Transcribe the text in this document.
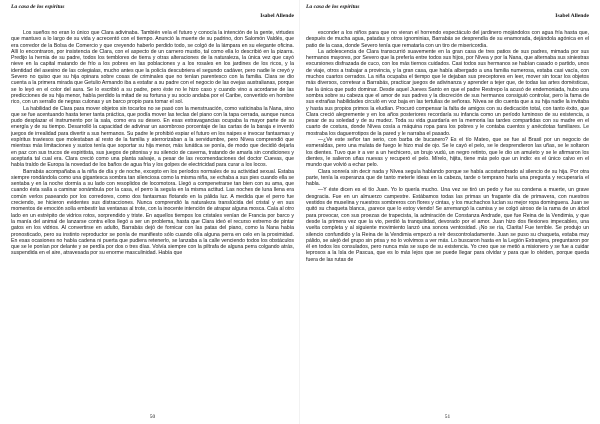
La casa de los espíritus
Isabel Allende

Los sueños no eran lo único que Clara adivinaba. También veía el futuro y conocía la intención de la gente, virtudes que mantuvo a lo largo de su vida y acrecentó con el tiempo. Anunció la muerte de su padrino, don Salomón Valdés, que era corredor de la Bolsa de Comercio y que creyendo haberlo perdido todo, se colgó de la lámpara en su elegante oficina. Allí lo encontraron, por insistencia de Clara, con el aspecto de un carnero mustio, tal como ella lo describió en la pizarra. Predijo la hernia de su padre, todos los temblores de tierra y otras alteraciones de la naturaleza, la única vez que cayó nieve en la capital matando de frío a los pobres en las poblaciones y a los rosales en los jardines de los ricos, y la identidad del asesino de las colegialas, mucho antes que la policía descubriera el segundo cadáver, pero nadie le creyó y Severo no quiso que su hija opinara sobre cosas de criminales que no tenían parentesco con la familia. Clara se dio cuenta a la primera mirada que Getulio Armando iba a estafar a su padre con el negocio de las ovejas australianas, porque se lo leyó en el color del aura. Se lo escribió a su padre, pero éste no le hizo caso y cuando vino a acordarse de las predicciones de su hija menor, había perdido la mitad de su fortuna y su socio andaba por el Caribe, convertido en hombre rico, con un serrallo de negras culonas y un barco propio para tomar el sol.

La habilidad de Clara para mover objetos sin tocarlos no se pasó con la menstruación, como vaticinaba la Nana, sino que se fue acentuando hasta tener tanta práctica, que podía mover las teclas del piano con la tapa cerrada, aunque nunca pudo desplazar el instrumento por la sala, como era su deseo. En esas extravagancias ocupaba la mayor parte de su energía y de su tiempo. Desarrolló la capacidad de adivinar un asombroso porcentaje de las cartas de la baraja e inventó juegos de irrealidad para divertir a sus hermanos. Su padre le prohibió espiar el futuro en los naipes e invocar fantasmas y espíritus traviesos que molestaban al resto de la familia y aterrorizaban a la servidumbre, pero Nívea comprendió que mientras más limitaciones y sustos tenía que soportar su hija menor, más lunática se ponía, de modo que decidió dejarla en paz con sus trucos de espiritista, sus juegos de pitonisa y su silencio de caverna, tratando de amarla sin condiciones y aceptarla tal cual era. Clara creció como una planta salvaje, a pesar de las recomendaciones del doctor Cuevas, que había traído de Europa la novedad de los baños de agua fría y los golpes de electricidad para curar a los locos.

Barrabás acompañaba a la niña de día y de noche, excepto en los períodos normales de su actividad sexual. Estaba siempre rondándola como una gigantesca sombra tan silenciosa como la misma niña, se echaba a sus pies cuando ella se sentaba y en la noche dormía a su lado con resoplidos de locomotora. Llegó a compenetrarse tan bien con su ama, que cuando ésta salía a caminar sonámbula por la casa, el perro la seguía en la misma actitud. Las noches de luna llena era común verlos paseando por los corredores, como dos fantasmas flotando en la pálida luz. A medida que el perro fue creciendo, se hicieron evidentes sus distracciones. Nunca comprendió la naturaleza translúcida del cristal y en sus momentos de emoción solía embestir las ventanas al trote, con la inocente intención de atrapar alguna mosca. Caía al otro lado en un estrépito de vidrios rotos, sorprendido y triste. En aquellos tiempos los cristales venían de Francia por barco y la manía del animal de lanzarse contra ellos llegó a ser un problema, hasta que Clara ideó el recurso extremo de pintar gatos en los vidrios. Al convertirse en adulto, Barrabás dejó de fornicar con las patas del piano, como la Nana había pronosticado, pero su instinto reproductor se ponía de manifiesto sólo cuando olía alguna perra en celo en la proximidad. En esas ocasiones no había cadena ni puerta que pudiera retenerlo, se lanzaba a la calle venciendo todos los obstáculos que se le ponían por delante y se perdía por dos o tres días. Volvía siempre con la piltrafa de alguna perra colgando atrás, suspendida en el aire, atravesada por su enorme masculinidad. Había que

50
La casa de los espíritus
Isabel Allende

esconder a los niños para que no vieran el horrendo espectáculo del jardinero mojándolos con agua fría hasta que, después de mucha agua, patadas y otros ignominias, Barrabás se desprendía de su enamorada, dejándola agónica en el patio de la casa, donde Severo tenía que rematarla con un tiro de misericordia.

La adolescencia de Clara transcurrió suavemente en la gran casa de tres patios de sus padres, mimada por sus hermanos mayores, por Severo que la prefería entre todos sus hijos, por Nívea y por la Nana, que alternaba sus siniestras excursiones disfrazada de cuco, con los más tiernos cuidados. Casi todos sus hermanos se habían casado o partido, unos de viaje, otros a trabajar a provincia, y la gran casa, que había albergado a una familia numerosa, estaba casi vacía, con muchos cuartos cerrados. La niña ocupaba el tiempo que le dejaban sus preceptores en leer, mover sin tocar los objetos más diversos, corretear a Barrabás, practicar juegos de adivinanza y aprender a tejer que, de todas las artes domésticas, fue la única que pudo dominar. Desde aquel Jueves Santo en que el padre Restrepo la acusó de endemoniada, hubo una sombra sobre su cabeza que el amor de sus padres y la discreción de sus hermanos consiguió controlar, pero la fama de sus extrañas habilidades circuló en voz baja en las tertulias de señoras. Nívea se dio cuenta que a su hija nadie la invitaba y hasta sus propios primos la eludían. Procuró compensar la falta de amigos con su dedicación total, con tanto éxito, que Clara creció alegremente y en los años posteriores recordaría su infancia como un período luminoso de su existencia, a pesar de su soledad y de su mudez. Toda su vida guardaría en la memoria las tardes compartidas con su madre en el cuarto de costura, donde Nívea cosía a máquina ropa para los pobres y le contaba cuentos y anécdotas familiares. Le mostraba los daguerrotipos de la pared y le narraba el pasado.

—¿Ve este señor tan serio, con barba de bucanero? Es el tío Mateo, que se fue al Brasil por un negocio de esmeraldas, pero una mulata de fuego le hizo mal de ojo. Se le cayó el pelo, se le desprendieron las uñas, se le soltaron los dientes. Tuvo que ir a ver a un hechicero, un brujo vudú, un negro retinto, que le dio un amuleto y se le afirmaron los dientes, le salieron uñas nuevas y recuperó el pelo. Mírelo, hijita, tiene más pelo que un indio: es el único calvo en el mundo que volvió a echar pelo.

Clara sonreía sin decir nada y Nívea seguía hablando porque se había acostumbrado al silencio de su hija. Por otra parte, tenía la esperanza que de tanto meterle ideas en la cabeza, tarde o temprano haría una pregunta y recuperaría el habla.

—Y éste dicen es el tío Juan. Yo lo quería mucho. Una vez se tiró un pedo y fue su condena a muerte, un grave desgracia. Fue en un almuerzo campestre. Estábamos todas las primas un fragante día de primavera, con nuestros vestidos de muselina y nuestros sombreros con flores y cintas, y los muchachos lucían su mejor ropa dominguera. Juan se quitó su chaqueta blanca, ¡parece que lo estoy viendo! Se arremangó la camisa y se colgó airoso de la rama de un árbol para provocar, con sus proezas de trapecista, la admiración de Constanza Andrade, que fue Reina de la Vendimia, y que desde la primera vez que la vio, perdió la tranquilidad, devorado por el amor. Juan hizo dos flexiones impecables, una vuelta completa y al siguiente movimiento lanzó una sonora ventosidad. ¡No se ría, Clarita! Fue terrible. Se produjo un silencio confundido y la Reina de la Vendimia empezó a reír descontroladamente. Juan se puso su chaqueta, estaba muy pálido, se alejó del grupo sin prisa y no lo volvimos a ver más. Lo buscaron hasta en la Legión Extranjera, preguntaron por él en todos los consulados, pero nunca más se supo de su existencia. Yo creo que se metió a misionero y se fue a cuidar leprosos a la Isla de Pascua, que es lo más lejos que se puede llegar para olvidar y para que lo olviden, porque queda fuera de las rutas de

51
